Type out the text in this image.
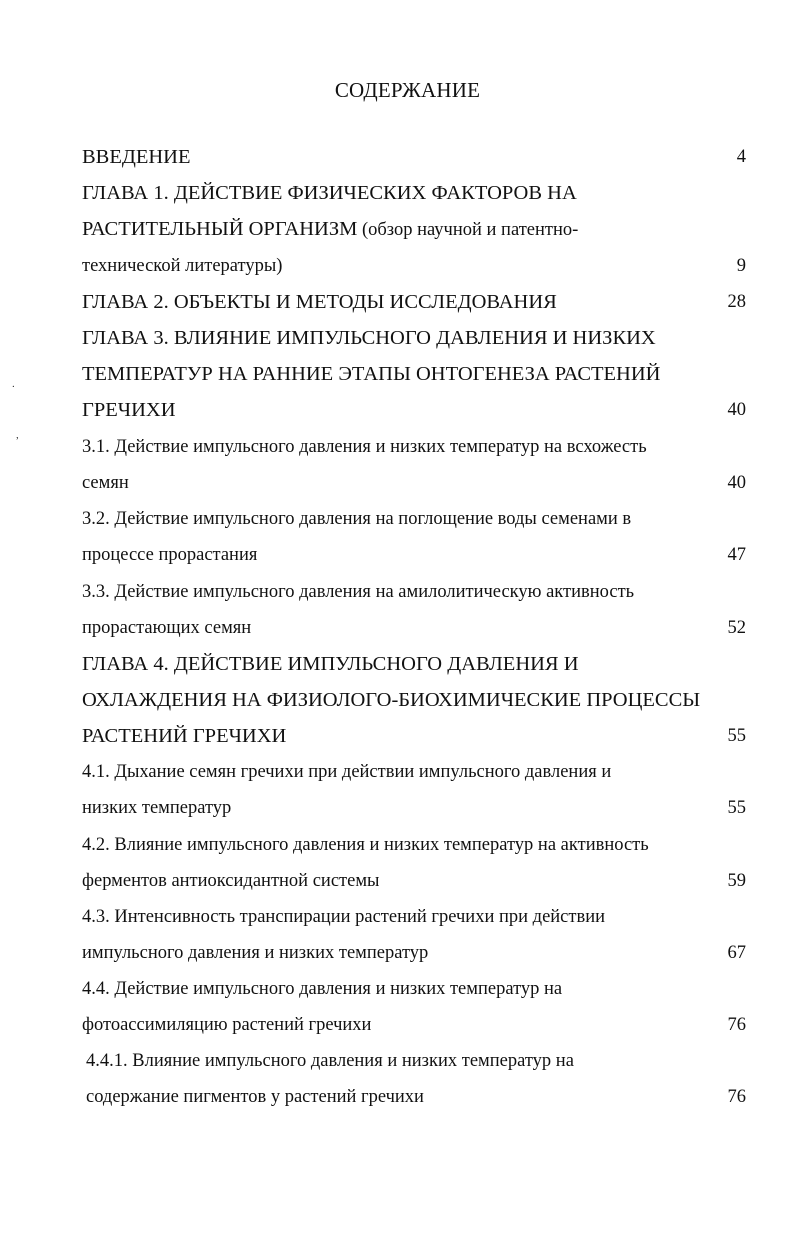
СОДЕРЖАНИЕ
ВВЕДЕНИЕ	4
ГЛАВА 1. ДЕЙСТВИЕ ФИЗИЧЕСКИХ ФАКТОРОВ НА
РАСТИТЕЛЬНЫЙ ОРГАНИЗМ (обзор научной и патентно-
технической литературы)	9
ГЛАВА 2. ОБЪЕКТЫ И МЕТОДЫ ИССЛЕДОВАНИЯ	28
ГЛАВА 3. ВЛИЯНИЕ ИМПУЛЬСНОГО ДАВЛЕНИЯ И НИЗКИХ
ТЕМПЕРАТУР НА РАННИЕ ЭТАПЫ ОНТОГЕНЕЗА РАСТЕНИЙ
ГРЕЧИХИ	40
3.1. Действие импульсного давления и низких температур на всхожесть
семян	40
3.2. Действие импульсного давления на поглощение воды семенами в
процессе прорастания	47
3.3. Действие импульсного давления на амилолитическую активность
прорастающих семян	52
ГЛАВА 4. ДЕЙСТВИЕ ИМПУЛЬСНОГО ДАВЛЕНИЯ И
ОХЛАЖДЕНИЯ НА ФИЗИОЛОГО-БИОХИМИЧЕСКИЕ ПРОЦЕССЫ
РАСТЕНИЙ ГРЕЧИХИ	55
4.1. Дыхание семян гречихи при действии импульсного давления и
низких температур	55
4.2. Влияние импульсного давления и низких температур на активность
ферментов антиоксидантной системы	59
4.3. Интенсивность транспирации растений гречихи при действии
импульсного давления и низких температур	67
4.4. Действие импульсного давления и низких температур на
фотоассимиляцию растений гречихи	76
4.4.1. Влияние импульсного давления и низких температур на
содержание пигментов у растений гречихи	76
.
,
